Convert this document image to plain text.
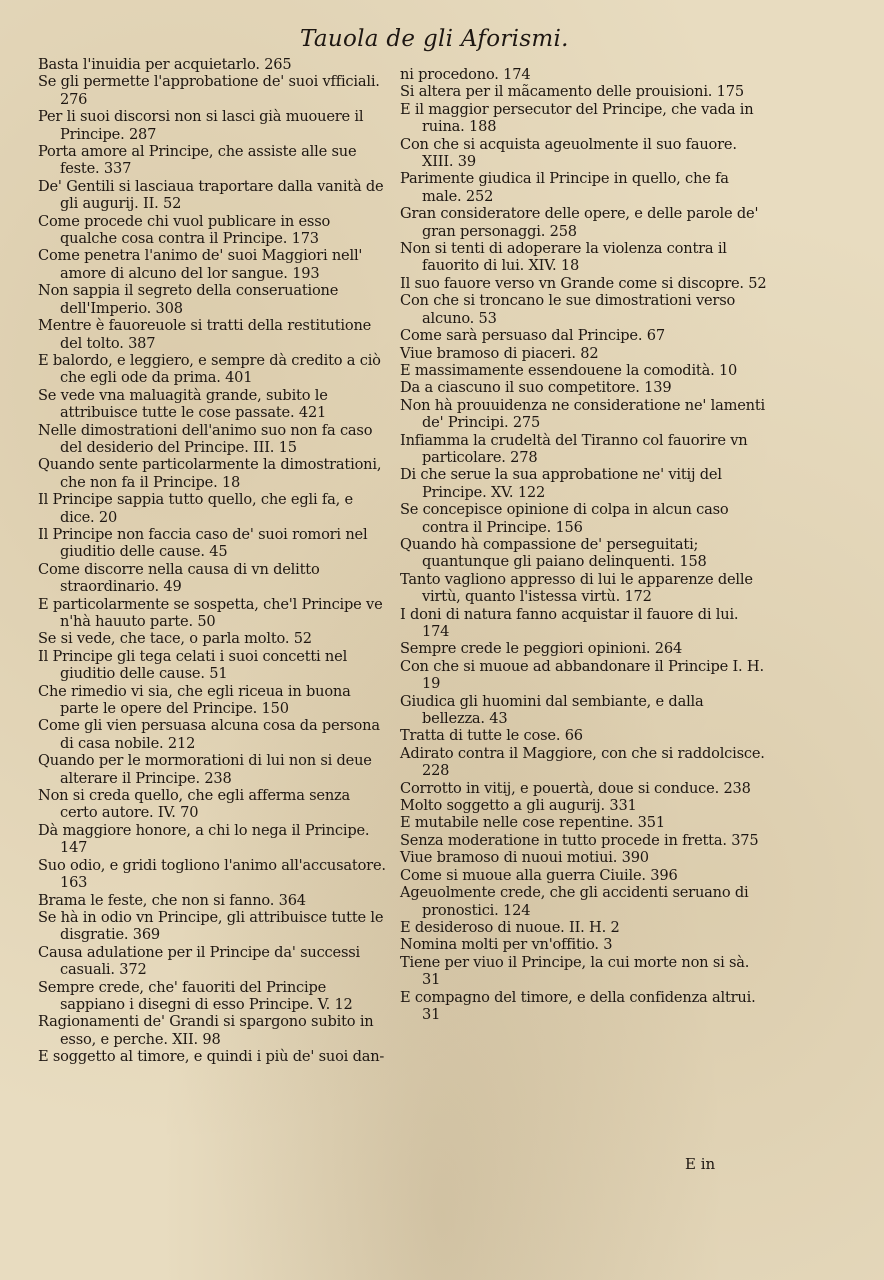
Tauola de gli Aforismi.

Basta l'inuidia per acquietarlo. 265

Se gli permette l'approbatione de' suoi vfficiali. 276

Per li suoi discorsi non si lasci già muouere il Principe. 287

Porta amore al Principe, che assiste alle sue feste. 337

De' Gentili si lasciaua traportare dalla vanità de gli augurij. II. 52

Come procede chi vuol publicare in esso qualche cosa contra il Principe. 173

Come penetra l'animo de' suoi Maggiori nell' amore di alcuno del lor sangue. 193

Non sappia il segreto della conseruatione dell'Imperio. 308

Mentre è fauoreuole si tratti della restitutione del tolto. 387

E balordo, e leggiero, e sempre dà credito a ciò che egli ode da prima. 401

Se vede vna maluagità grande, subito le attribuisce tutte le cose passate. 421

Nelle dimostrationi dell'animo suo non fa caso del desiderio del Principe. III. 15

Quando sente particolarmente la dimostrationi, che non fa il Principe. 18

Il Principe sappia tutto quello, che egli fa, e dice. 20

Il Principe non faccia caso de' suoi romori nel giuditio delle cause. 45

Come discorre nella causa di vn delitto straordinario. 49

E particolarmente se sospetta, che'l Principe ve n'hà hauuto parte. 50

Se si vede, che tace, o parla molto. 52

Il Principe gli tega celati i suoi concetti nel giuditio delle cause. 51

Che rimedio vi sia, che egli riceua in buona parte le opere del Principe. 150

Come gli vien persuasa alcuna cosa da persona di casa nobile. 212

Quando per le mormorationi di lui non si deue alterare il Principe. 238

Non si creda quello, che egli afferma senza certo autore. IV. 70

Dà maggiore honore, a chi lo nega il Principe. 147

Suo odio, e gridi togliono l'animo all'accusatore. 163

Brama le feste, che non si fanno. 364

Se hà in odio vn Principe, gli attribuisce tutte le disgratie. 369

Causa adulatione per il Principe da' successi casuali. 372

Sempre crede, che' fauoriti del Principe sappiano i disegni di esso Principe. V. 12

Ragionamenti de' Grandi si spargono subito in esso, e perche. XII. 98

E soggetto al timore, e quindi i più de' suoi dan-

ni procedono. 174

Si altera per il mãcamento delle prouisioni. 175

E il maggior persecutor del Principe, che vada in ruina. 188

Con che si acquista ageuolmente il suo fauore. XIII. 39

Parimente giudica il Principe in quello, che fa male. 252

Gran consideratore delle opere, e delle parole de' gran personaggi. 258

Non si tenti di adoperare la violenza contra il fauorito di lui. XIV. 18

Il suo fauore verso vn Grande come si discopre. 52

Con che si troncano le sue dimostrationi verso alcuno. 53

Come sarà persuaso dal Principe. 67

Viue bramoso di piaceri. 82

E massimamente essendouene la comodità. 10

Da a ciascuno il suo competitore. 139

Non hà prouuidenza ne consideratione ne' lamenti de' Principi. 275

Infiamma la crudeltà del Tiranno col fauorire vn particolare. 278

Di che serue la sua approbatione ne' vitij del Principe. XV. 122

Se concepisce opinione di colpa in alcun caso contra il Principe. 156

Quando hà compassione de' perseguitati; quantunque gli paiano delinquenti. 158

Tanto vagliono appresso di lui le apparenze delle virtù, quanto l'istessa virtù. 172

I doni di natura fanno acquistar il fauore di lui. 174

Sempre crede le peggiori opinioni. 264

Con che si muoue ad abbandonare il Principe I. H. 19

Giudica gli huomini dal sembiante, e dalla bellezza. 43

Tratta di tutte le cose. 66

Adirato contra il Maggiore, con che si raddolcisce. 228

Corrotto in vitij, e pouertà, doue si conduce. 238

Molto soggetto a gli augurij. 331

E mutabile nelle cose repentine. 351

Senza moderatione in tutto procede in fretta. 375

Viue bramoso di nuoui motiui. 390

Come si muoue alla guerra Ciuile. 396

Ageuolmente crede, che gli accidenti seruano di pronostici. 124

E desideroso di nuoue. II. H. 2

Nomina molti per vn'offitio. 3

Tiene per viuo il Principe, la cui morte non si sà. 31

E compagno del timore, e della confidenza altrui. 31

E in
